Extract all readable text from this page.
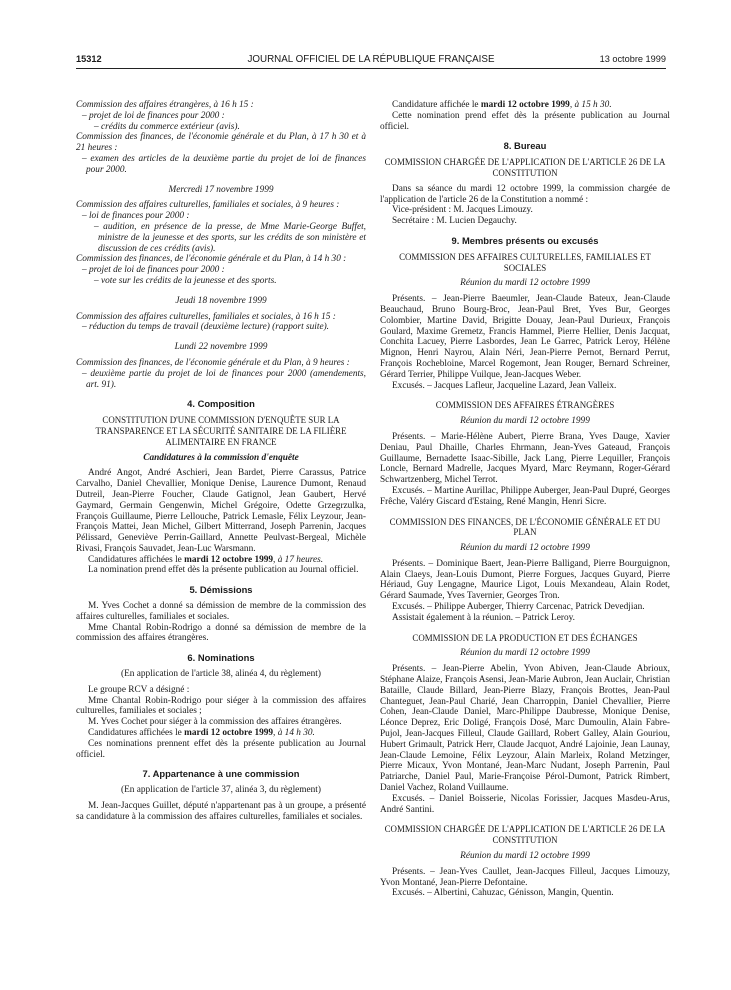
15312	JOURNAL OFFICIEL DE LA RÉPUBLIQUE FRANÇAISE	13 octobre 1999

Commission des affaires étrangères, à 16 h 15 :

– projet de loi de finances pour 2000 :

– crédits du commerce extérieur (avis).

Commission des finances, de l'économie générale et du Plan, à 17 h 30 et à 21 heures :

– examen des articles de la deuxième partie du projet de loi de finances pour 2000.

Mercredi 17 novembre 1999

Commission des affaires culturelles, familiales et sociales, à 9 heures :

– loi de finances pour 2000 :

– audition, en présence de la presse, de Mme Marie-George Buffet, ministre de la jeunesse et des sports, sur les crédits de son ministère et discussion de ces crédits (avis).

Commission des finances, de l'économie générale et du Plan, à 14 h 30 :

– projet de loi de finances pour 2000 :

– vote sur les crédits de la jeunesse et des sports.

Jeudi 18 novembre 1999

Commission des affaires culturelles, familiales et sociales, à 16 h 15 :

– réduction du temps de travail (deuxième lecture) (rapport suite).

Lundi 22 novembre 1999

Commission des finances, de l'économie générale et du Plan, à 9 heures :

– deuxième partie du projet de loi de finances pour 2000 (amendements, art. 91).

4. Composition

CONSTITUTION D'UNE COMMISSION D'ENQUÊTE SUR LA TRANSPARENCE ET LA SÉCURITÉ SANITAIRE DE LA FILIÈRE ALIMENTAIRE EN FRANCE

Candidatures à la commission d'enquête

André Angot, André Aschieri, Jean Bardet, Pierre Carassus, Patrice Carvalho, Daniel Chevallier, Monique Denise, Laurence Dumont, Renaud Dutreil, Jean-Pierre Foucher, Claude Gatignol, Jean Gaubert, Hervé Gaymard, Germain Gengenwin, Michel Grégoire, Odette Grzegrzulka, François Guillaume, Pierre Lellouche, Patrick Lemasle, Félix Leyzour, Jean-François Mattei, Jean Michel, Gilbert Mitterrand, Joseph Parrenin, Jacques Pélissard, Geneviève Perrin-Gaillard, Annette Peulvast-Bergeal, Michèle Rivasi, François Sauvadet, Jean-Luc Warsmann.

Candidatures affichées le mardi 12 octobre 1999, à 17 heures.

La nomination prend effet dès la présente publication au Journal officiel.

5. Démissions

M. Yves Cochet a donné sa démission de membre de la commission des affaires culturelles, familiales et sociales.

Mme Chantal Robin-Rodrigo a donné sa démission de membre de la commission des affaires étrangères.

6. Nominations

(En application de l'article 38, alinéa 4, du règlement)

Le groupe RCV a désigné :

Mme Chantal Robin-Rodrigo pour siéger à la commission des affaires culturelles, familiales et sociales ;

M. Yves Cochet pour siéger à la commission des affaires étrangères.

Candidatures affichées le mardi 12 octobre 1999, à 14 h 30.

Ces nominations prennent effet dès la présente publication au Journal officiel.

7. Appartenance à une commission

(En application de l'article 37, alinéa 3, du règlement)

M. Jean-Jacques Guillet, député n'appartenant pas à un groupe, a présenté sa candidature à la commission des affaires culturelles, familiales et sociales.

Candidature affichée le mardi 12 octobre 1999, à 15 h 30.

Cette nomination prend effet dès la présente publication au Journal officiel.

8. Bureau

COMMISSION CHARGÉE DE L'APPLICATION DE L'ARTICLE 26 DE LA CONSTITUTION

Dans sa séance du mardi 12 octobre 1999, la commission chargée de l'application de l'article 26 de la Constitution a nommé :

Vice-président : M. Jacques Limouzy.

Secrétaire : M. Lucien Degauchy.

9. Membres présents ou excusés

COMMISSION DES AFFAIRES CULTURELLES, FAMILIALES ET SOCIALES

Réunion du mardi 12 octobre 1999

Présents. – Jean-Pierre Baeumler, Jean-Claude Bateux, Jean-Claude Beauchaud, Bruno Bourg-Broc, Jean-Paul Bret, Yves Bur, Georges Colombier, Martine David, Brigitte Douay, Jean-Paul Durieux, François Goulard, Maxime Gremetz, Francis Hammel, Pierre Hellier, Denis Jacquat, Conchita Lacuey, Pierre Lasbordes, Jean Le Garrec, Patrick Leroy, Hélène Mignon, Henri Nayrou, Alain Néri, Jean-Pierre Pernot, Bernard Perrut, François Rochebloine, Marcel Rogemont, Jean Rouger, Bernard Schreiner, Gérard Terrier, Philippe Vuilque, Jean-Jacques Weber.

Excusés. – Jacques Lafleur, Jacqueline Lazard, Jean Valleix.

COMMISSION DES AFFAIRES ÉTRANGÈRES

Réunion du mardi 12 octobre 1999

Présents. – Marie-Hélène Aubert, Pierre Brana, Yves Dauge, Xavier Deniau, Paul Dhaille, Charles Ehrmann, Jean-Yves Gateaud, François Guillaume, Bernadette Isaac-Sibille, Jack Lang, Pierre Lequiller, François Loncle, Bernard Madrelle, Jacques Myard, Marc Reymann, Roger-Gérard Schwartzenberg, Michel Terrot.

Excusés. – Martine Aurillac, Philippe Auberger, Jean-Paul Dupré, Georges Frêche, Valéry Giscard d'Estaing, René Mangin, Henri Sicre.

COMMISSION DES FINANCES, DE L'ÉCONOMIE GÉNÉRALE ET DU PLAN

Réunion du mardi 12 octobre 1999

Présents. – Dominique Baert, Jean-Pierre Balligand, Pierre Bourguignon, Alain Claeys, Jean-Louis Dumont, Pierre Forgues, Jacques Guyard, Pierre Hériaud, Guy Lengagne, Maurice Ligot, Louis Mexandeau, Alain Rodet, Gérard Saumade, Yves Tavernier, Georges Tron.

Excusés. – Philippe Auberger, Thierry Carcenac, Patrick Devedjian.

Assistait également à la réunion. – Patrick Leroy.

COMMISSION DE LA PRODUCTION ET DES ÉCHANGES

Réunion du mardi 12 octobre 1999

Présents. – Jean-Pierre Abelin, Yvon Abiven, Jean-Claude Abrioux, Stéphane Alaize, François Asensi, Jean-Marie Aubron, Jean Auclair, Christian Bataille, Claude Billard, Jean-Pierre Blazy, François Brottes, Jean-Paul Chanteguet, Jean-Paul Charié, Jean Charroppin, Daniel Chevallier, Pierre Cohen, Jean-Claude Daniel, Marc-Philippe Daubresse, Monique Denise, Léonce Deprez, Eric Doligé, François Dosé, Marc Dumoulin, Alain Fabre-Pujol, Jean-Jacques Filleul, Claude Gaillard, Robert Galley, Alain Gouriou, Hubert Grimault, Patrick Herr, Claude Jacquot, André Lajoinie, Jean Launay, Jean-Claude Lemoine, Félix Leyzour, Alain Marleix, Roland Metzinger, Pierre Micaux, Yvon Montané, Jean-Marc Nudant, Joseph Parrenin, Paul Patriarche, Daniel Paul, Marie-Françoise Pérol-Dumont, Patrick Rimbert, Daniel Vachez, Roland Vuillaume.

Excusés. – Daniel Boisserie, Nicolas Forissier, Jacques Masdeu-Arus, André Santini.

COMMISSION CHARGÉE DE L'APPLICATION DE L'ARTICLE 26 DE LA CONSTITUTION

Réunion du mardi 12 octobre 1999

Présents. – Jean-Yves Caullet, Jean-Jacques Filleul, Jacques Limouzy, Yvon Montané, Jean-Pierre Defontaine.

Excusés. – Albertini, Cahuzac, Génisson, Mangin, Quentin.
